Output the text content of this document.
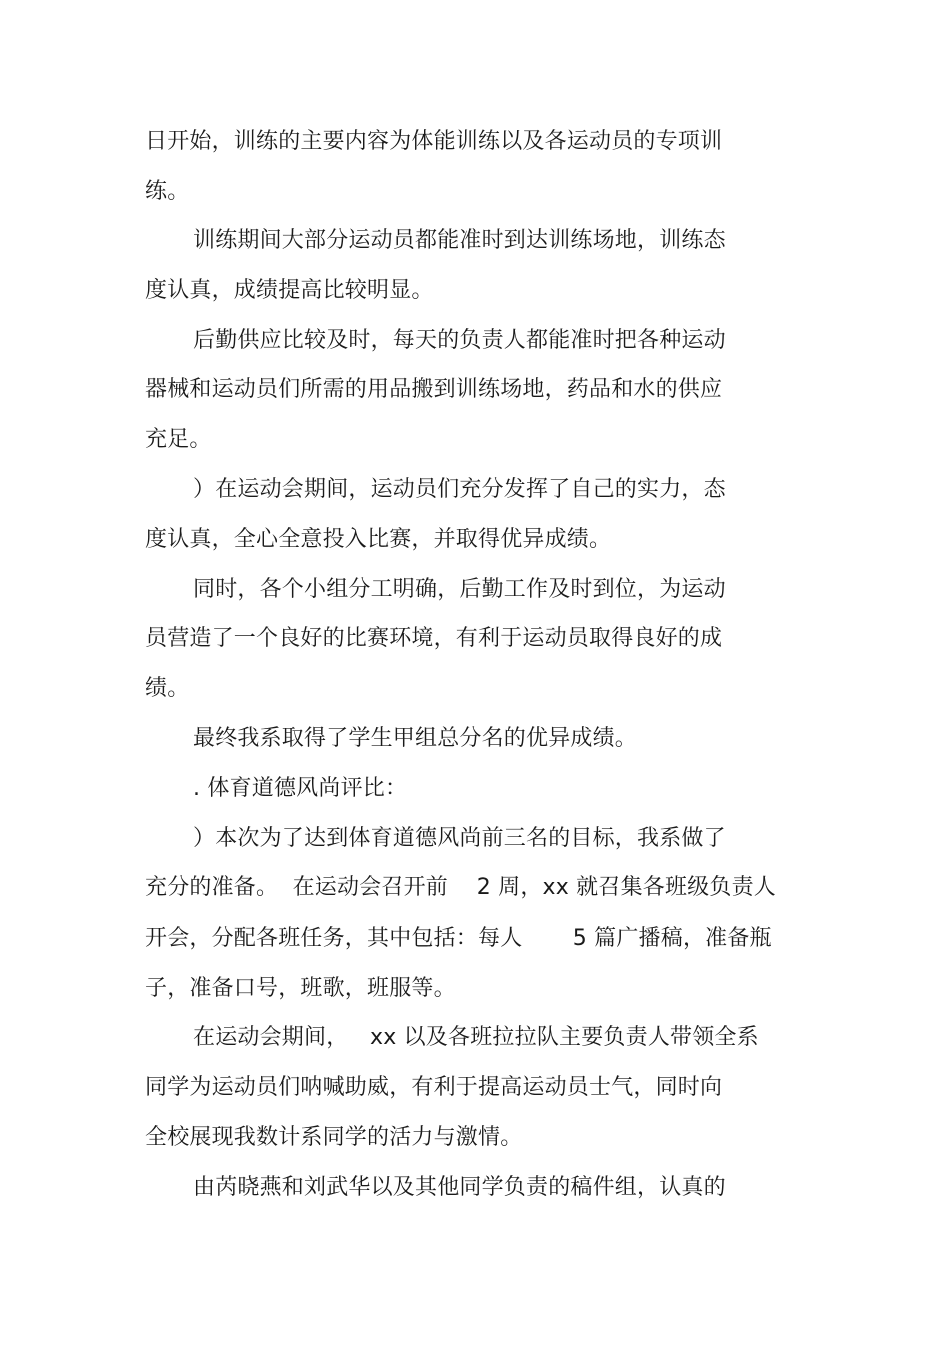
日开始，训练的主要内容为体能训练以及各运动员的专项训
练。
训练期间大部分运动员都能准时到达训练场地，训练态
度认真，成绩提高比较明显。
后勤供应比较及时，每天的负责人都能准时把各种运动
器械和运动员们所需的用品搬到训练场地，药品和水的供应
充足。
）在运动会期间，运动员们充分发挥了自己的实力，态
度认真，全心全意投入比赛，并取得优异成绩。
同时，各个小组分工明确，后勤工作及时到位，为运动
员营造了一个良好的比赛环境，有利于运动员取得良好的成
绩。
最终我系取得了学生甲组总分名的优异成绩。
. 体育道德风尚评比：
）本次为了达到体育道德风尚前三名的目标，我系做了
充分的准备。  在运动会召开前    2 周，xx 就召集各班级负责人
开会，分配各班任务，其中包括：每人       5 篇广播稿，准备瓶
子，准备口号，班歌，班服等。
在运动会期间，   xx 以及各班拉拉队主要负责人带领全系
同学为运动员们呐喊助威，有利于提高运动员士气，同时向
全校展现我数计系同学的活力与激情。
由芮晓燕和刘武华以及其他同学负责的稿件组，认真的
